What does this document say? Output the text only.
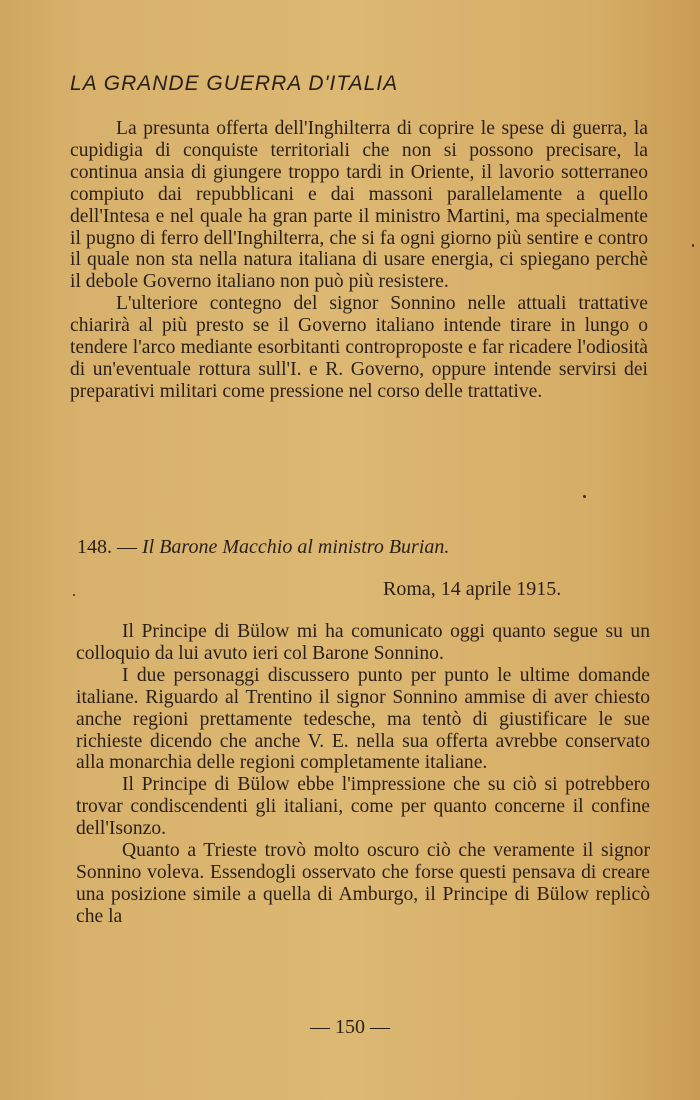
LA GRANDE GUERRA D'ITALIA

La presunta offerta dell'Inghilterra di coprire le spese di guerra, la cupidigia di conquiste territoriali che non si possono precisare, la continua ansia di giungere troppo tardi in Oriente, il lavorio sotterraneo compiuto dai repubblicani e dai massoni parallelamente a quello dell'Intesa e nel quale ha gran parte il ministro Martini, ma specialmente il pugno di ferro dell'Inghilterra, che si fa ogni giorno più sentire e contro il quale non sta nella natura italiana di usare energia, ci spiegano perchè il debole Governo italiano non può più resistere.

L'ulteriore contegno del signor Sonnino nelle attuali trattative chiarirà al più presto se il Governo italiano intende tirare in lungo o tendere l'arco mediante esorbitanti controproposte e far ricadere l'odiosità di un'eventuale rottura sull'I. e R. Governo, oppure intende servirsi dei preparativi militari come pressione nel corso delle trattative.

148. — Il Barone Macchio al ministro Burian.
Roma, 14 aprile 1915.

Il Principe di Bülow mi ha comunicato oggi quanto segue su un colloquio da lui avuto ieri col Barone Sonnino.

I due personaggi discussero punto per punto le ultime domande italiane. Riguardo al Trentino il signor Sonnino ammise di aver chiesto anche regioni prettamente tedesche, ma tentò di giustificare le sue richieste dicendo che anche V. E. nella sua offerta avrebbe conservato alla monarchia delle regioni completamente italiane.

Il Principe di Bülow ebbe l'impressione che su ciò si potrebbero trovar condiscendenti gli italiani, come per quanto concerne il confine dell'Isonzo.

Quanto a Trieste trovò molto oscuro ciò che veramente il signor Sonnino voleva. Essendogli osservato che forse questi pensava di creare una posizione simile a quella di Amburgo, il Principe di Bülow replicò che la

— 150 —
